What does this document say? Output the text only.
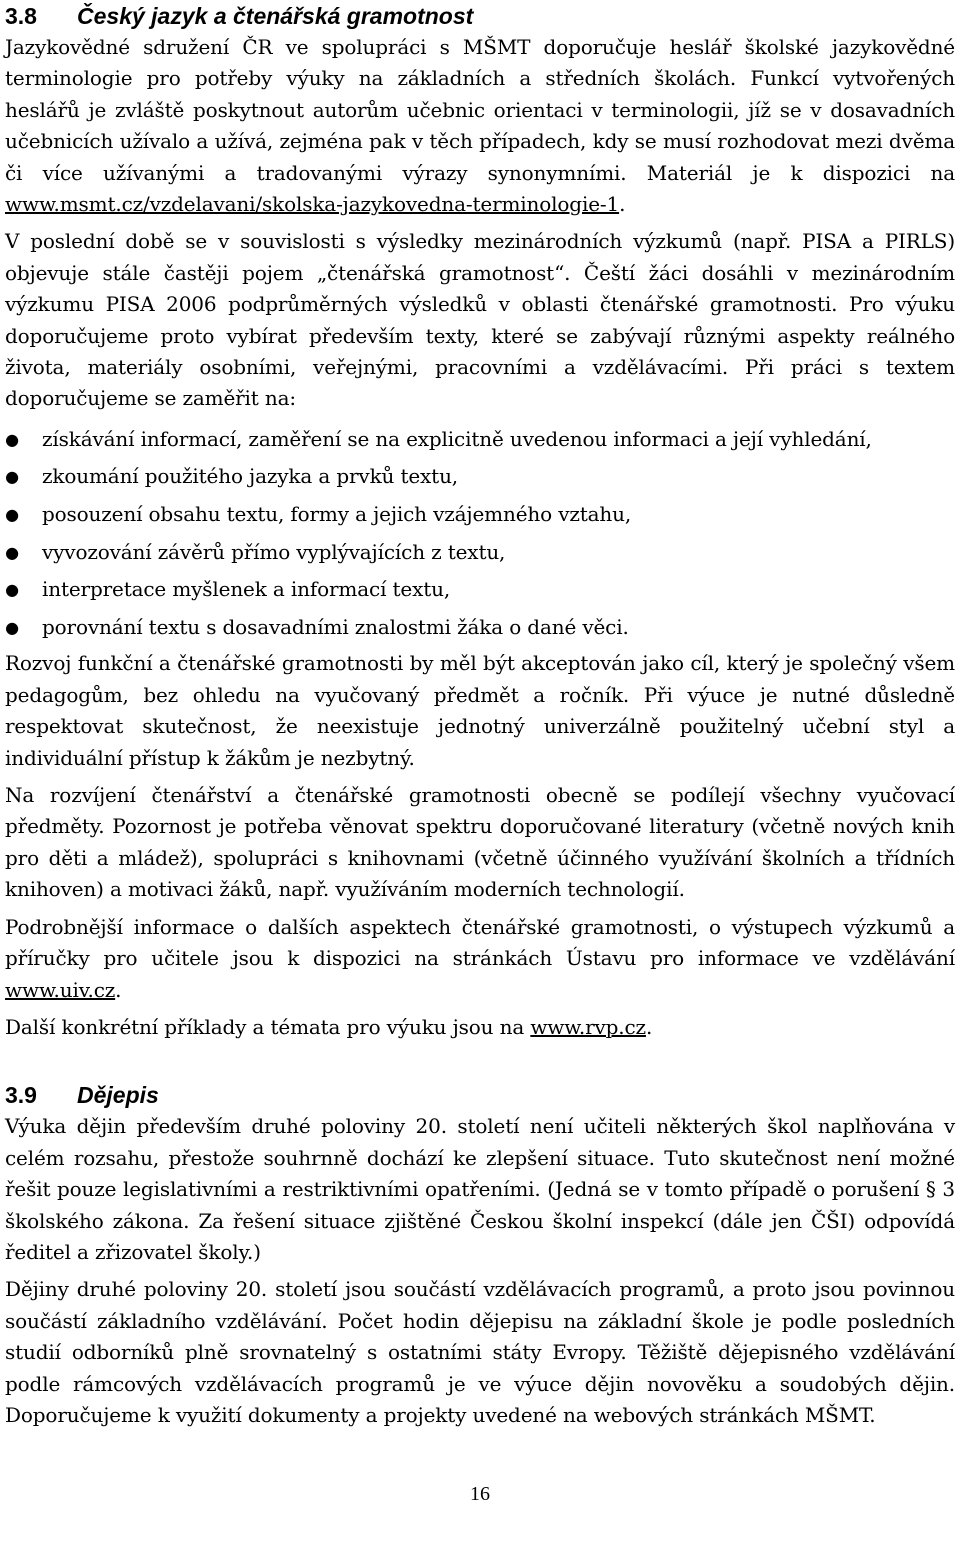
3.8	Český jazyk a čtenářská gramotnost

Jazykovědné sdružení ČR ve spolupráci s MŠMT doporučuje heslář školské jazykovědné terminologie pro potřeby výuky na základních a středních školách. Funkcí vytvořených heslářů je zvláště poskytnout autorům učebnic orientaci v terminologii, jíž se v dosavadních učebnicích užívalo a užívá, zejména pak v těch případech, kdy se musí rozhodovat mezi dvěma či více užívanými a tradovanými výrazy synonymními. Materiál je k dispozici na www.msmt.cz/vzdelavani/skolska-jazykovedna-terminologie-1.

V poslední době se v souvislosti s výsledky mezinárodních výzkumů (např. PISA a PIRLS) objevuje stále častěji pojem „čtenářská gramotnost“. Čeští žáci dosáhli v mezinárodním výzkumu PISA 2006 podprůměrných výsledků v oblasti čtenářské gramotnosti. Pro výuku doporučujeme proto vybírat především texty, které se zabývají různými aspekty reálného života, materiály osobními, veřejnými, pracovními a vzdělávacími. Při práci s textem doporučujeme se zaměřit na:

● získávání informací, zaměření se na explicitně uvedenou informaci a její vyhledání,
● zkoumání použitého jazyka a prvků textu,
● posouzení obsahu textu, formy a jejich vzájemného vztahu,
● vyvozování závěrů přímo vyplývajících z textu,
● interpretace myšlenek a informací textu,
● porovnání textu s dosavadními znalostmi žáka o dané věci.

Rozvoj funkční a čtenářské gramotnosti by měl být akceptován jako cíl, který je společný všem pedagogům, bez ohledu na vyučovaný předmět a ročník. Při výuce je nutné důsledně respektovat skutečnost, že neexistuje jednotný univerzálně použitelný učební styl a individuální přístup k žákům je nezbytný.

Na rozvíjení čtenářství a čtenářské gramotnosti obecně se podílejí všechny vyučovací předměty. Pozornost je potřeba věnovat spektru doporučované literatury (včetně nových knih pro děti a mládež), spolupráci s knihovnami (včetně účinného využívání školních a třídních knihoven) a motivaci žáků, např. využíváním moderních technologií.

Podrobnější informace o dalších aspektech čtenářské gramotnosti, o výstupech výzkumů a příručky pro učitele jsou k dispozici na stránkách Ústavu pro informace ve vzdělávání www.uiv.cz.

Další konkrétní příklady a témata pro výuku jsou na www.rvp.cz.

3.9	Dějepis

Výuka dějin především druhé poloviny 20. století není učiteli některých škol naplňována v celém rozsahu, přestože souhrnně dochází ke zlepšení situace. Tuto skutečnost není možné řešit pouze legislativními a restriktivními opatřeními. (Jedná se v tomto případě o porušení § 3 školského zákona. Za řešení situace zjištěné Českou školní inspekcí (dále jen ČŠI) odpovídá ředitel a zřizovatel školy.)

Dějiny druhé poloviny 20. století jsou součástí vzdělávacích programů, a proto jsou povinnou součástí základního vzdělávání. Počet hodin dějepisu na základní škole je podle posledních studií odborníků plně srovnatelný s ostatními státy Evropy. Těžiště dějepisného vzdělávání podle rámcových vzdělávacích programů je ve výuce dějin novověku a soudobých dějin. Doporučujeme k využití dokumenty a projekty uvedené na webových stránkách MŠMT.

16
